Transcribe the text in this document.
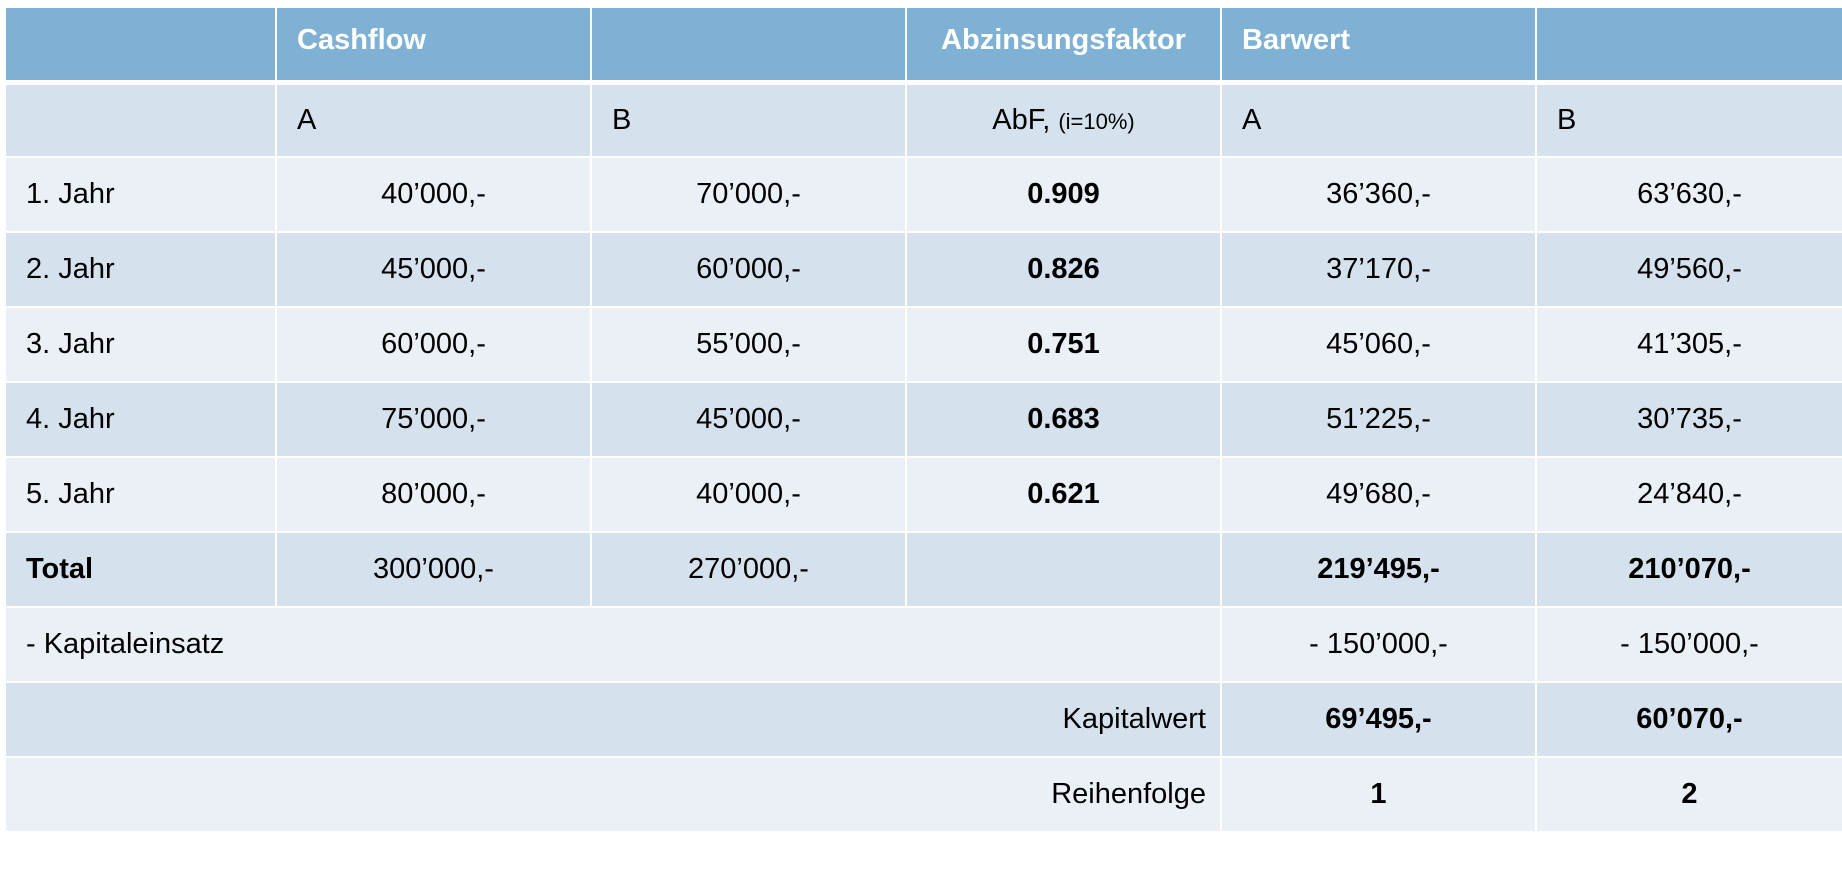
	Cashflow		Abzinsungsfaktor	Barwert	
	A	B	AbF, (i=10%)	A	B
1. Jahr	40’000,-	70’000,-	0.909	36’360,-	63’630,-
2. Jahr	45’000,-	60’000,-	0.826	37’170,-	49’560,-
3. Jahr	60’000,-	55’000,-	0.751	45’060,-	41’305,-
4. Jahr	75’000,-	45’000,-	0.683	51’225,-	30’735,-
5. Jahr	80’000,-	40’000,-	0.621	49’680,-	24’840,-
Total	300’000,-	270’000,-		219’495,-	210’070,-
- Kapitaleinsatz				- 150’000,-	- 150’000,-
Kapitalwert				69’495,-	60’070,-
Reihenfolge				1	2
